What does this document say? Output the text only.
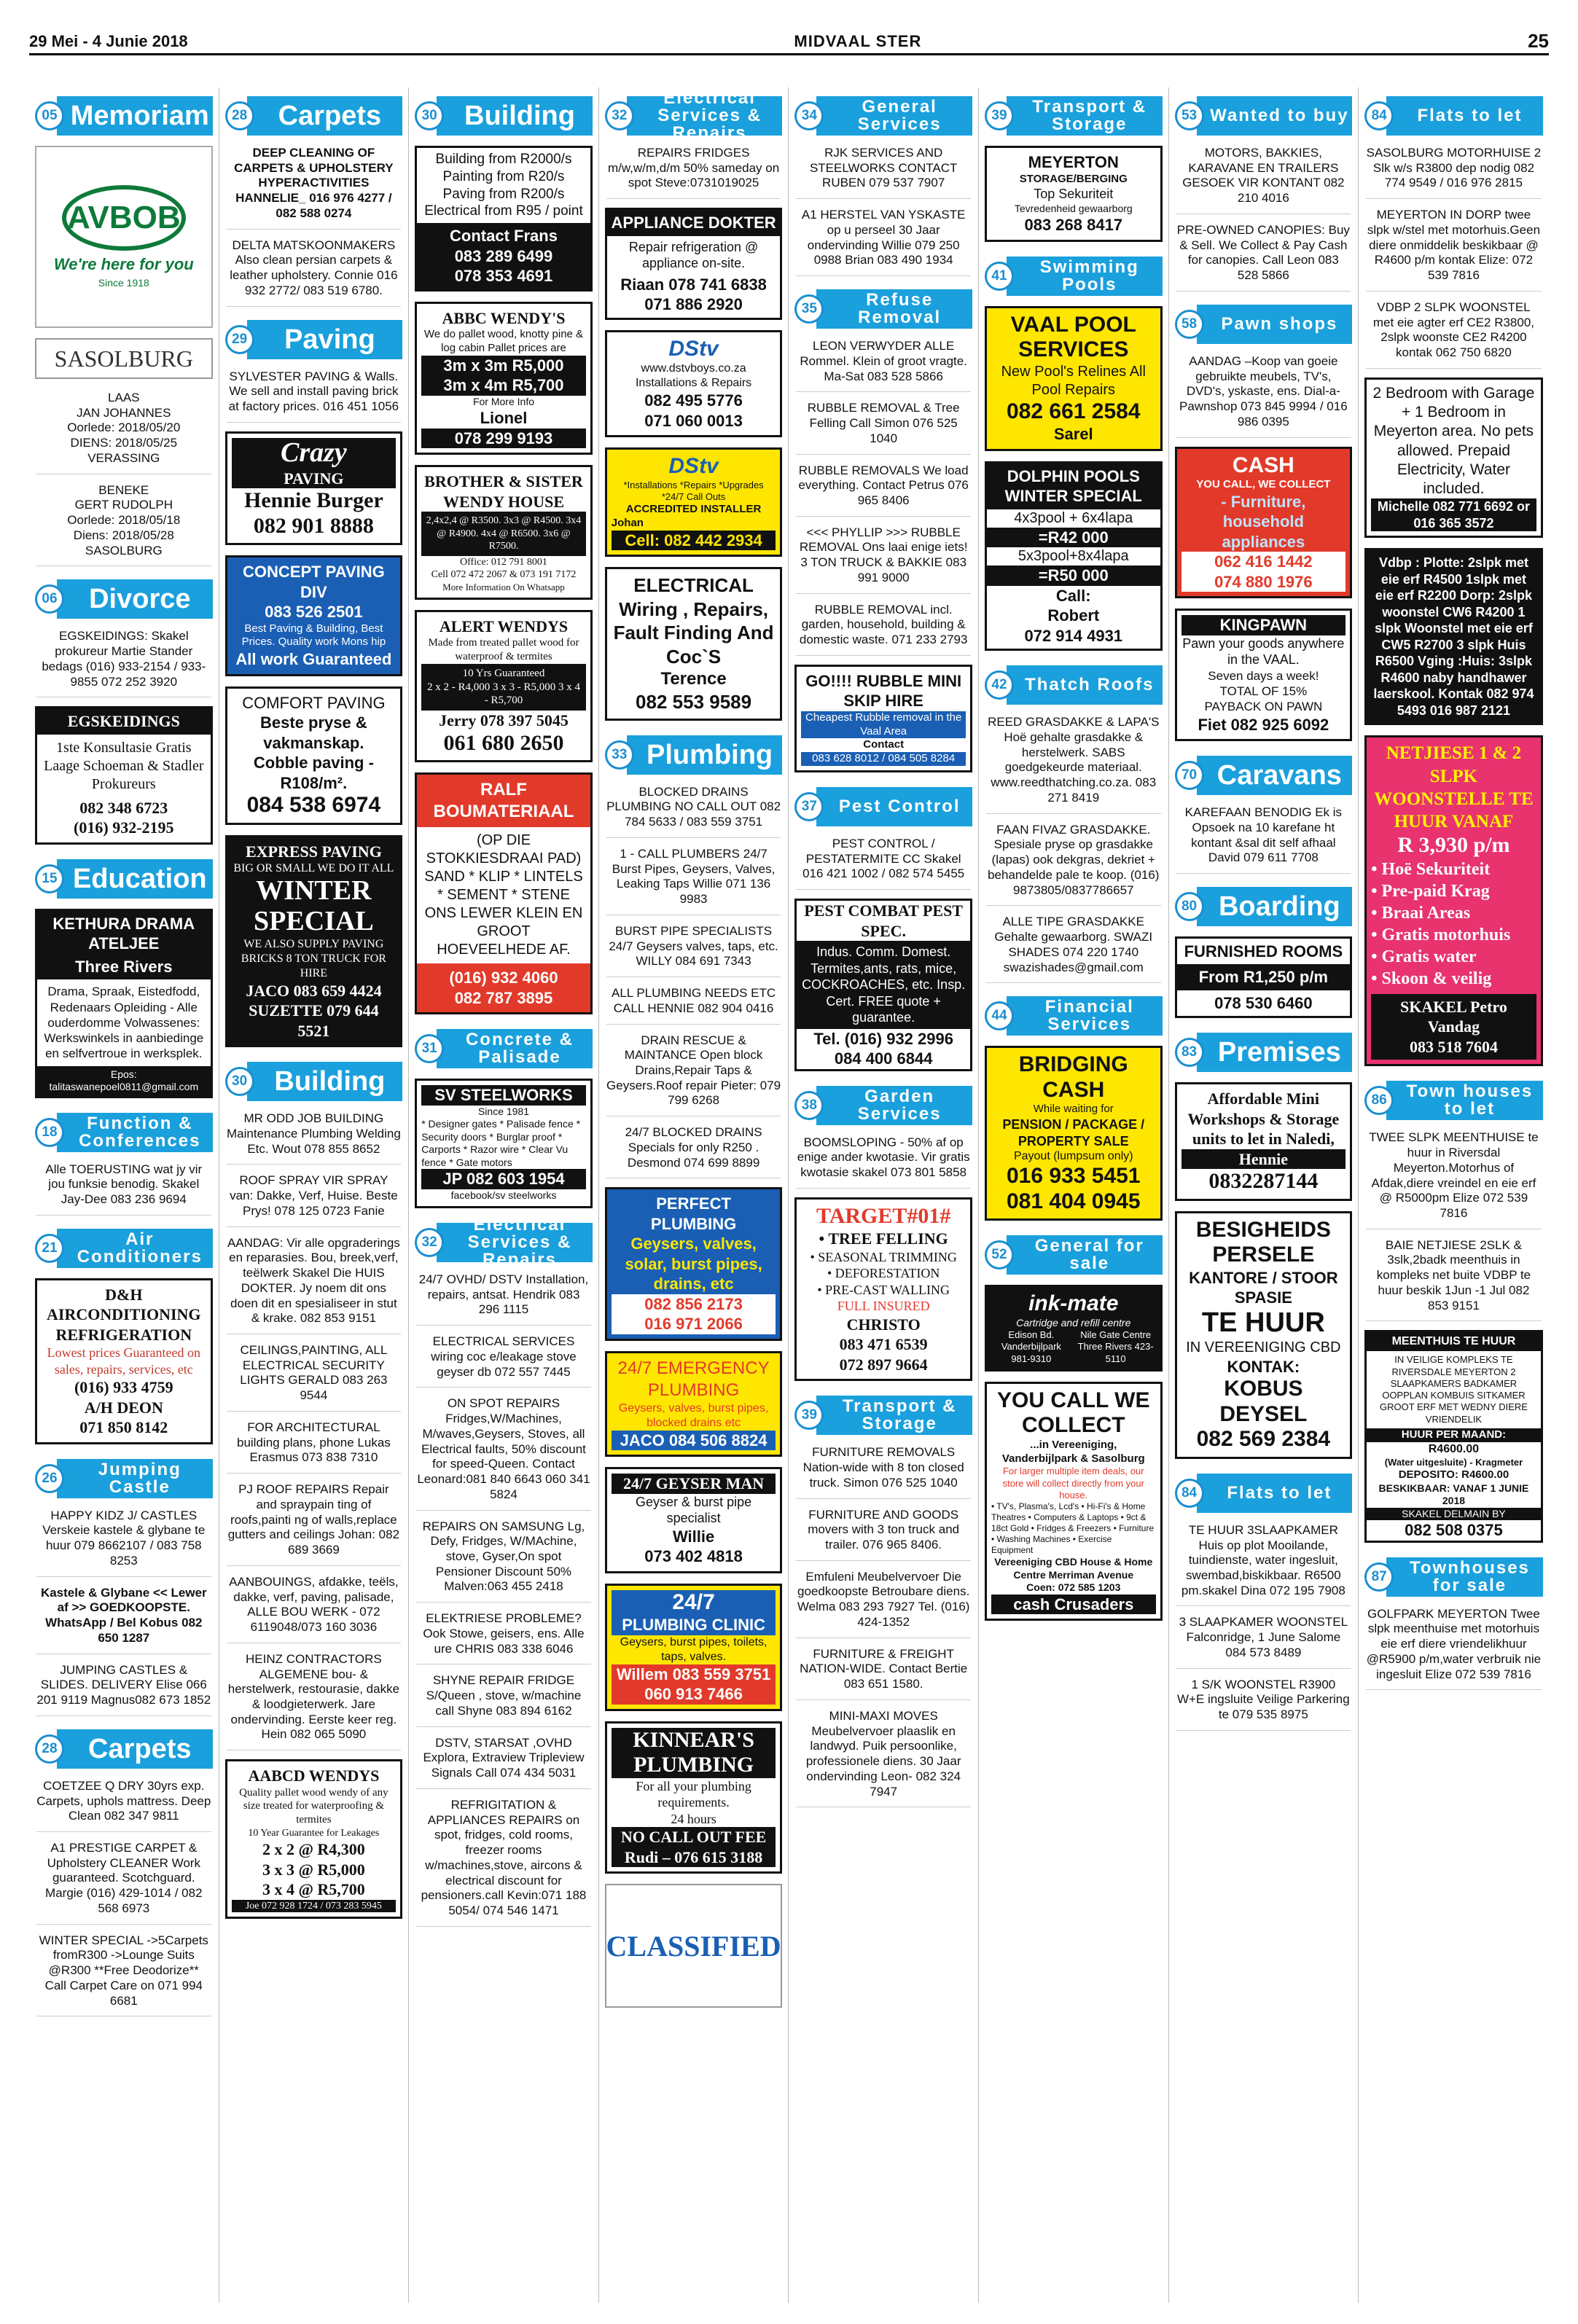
29 Mei - 4 Junie 2018	MIDVAAL STER	25
05 Memoriam
AVBOB
We're here for you
Since 1918
SASOLBURG
LAAS
JAN JOHANNES
Oorlede: 2018/05/20
DIENS: 2018/05/25
VERASSING
BENEKE
GERT RUDOLPH
Oorlede: 2018/05/18
Diens: 2018/05/28
SASOLBURG
06	Divorce
EGSKEIDINGS: Skakel prokureur Martie Stander bedags (016) 933-2154 / 933-9855 072 252 3920
EGSKEIDINGS
1ste Konsultasie Gratis Laage Schoeman & Stadler Prokureurs
082 348 6723
(016) 932-2195
15 Education
KETHURA DRAMA ATELJEE
Three Rivers
Drama, Spraak, Eistedfodd, Redenaars Opleiding - Alle ouderdomme Volwassenes: Werkswinkels in aanbiedinge en selfvertroue in werksplek.
Epos:
talitaswanepoel0811@gmail.com
18	Function & Conferences
Alle TOERUSTING wat jy vir jou funksie benodig. Skakel Jay-Dee 083 236 9694
21	Air Conditioners
D&H AIRCONDITIONING
REFRIGERATION
Lowest prices Guaranteed on sales, repairs, services, etc
(016) 933 4759
A/H DEON
071 850 8142
26	Jumping Castle
HAPPY KIDZ J/ CASTLES Verskeie kastele & glybane te huur 079 8662107 / 083 758 8253
Kastele & Glybane << Lewer af >> GOEDKOOPSTE. WhatsApp / Bel Kobus 082 650 1287
JUMPING CASTLES & SLIDES. DELIVERY Elise 066 201 9119 Magnus082 673 1852
28	Carpets
COETZEE Q DRY 30yrs exp. Carpets, uphols mattress. Deep Clean 082 347 9811
A1 PRESTIGE CARPET & Upholstery CLEANER Work guaranteed. Scotchguard. Margie (016) 429-1014 / 082 568 6973
WINTER SPECIAL ->5Carpets fromR300 ->Lounge Suits @R300 **Free Deodorize** Call Carpet Care on 071 994 6681
28	Carpets
DEEP CLEANING OF CARPETS & UPHOLSTERY HYPERACTIVITIES HANNELIE_ 016 976 4277 / 082 588 0274
DELTA MATSKOONMAKERS Also clean persian carpets & leather upholstery. Connie 016 932 2772/ 083 519 6780.
29	Paving
SYLVESTER PAVING & Walls. We sell and install paving brick at factory prices. 016 451 1056
Crazy
PAVING
Hennie Burger
082 901 8888
CONCEPT PAVING DIV
083 526 2501
Best Paving & Building, Best
Prices. Quality work Mons hip
All work Guaranteed
COMFORT PAVING
Beste pryse & vakmanskap.
Cobble paving - R108/m².
084 538 6974
EXPRESS PAVING
BIG OR SMALL WE DO IT ALL
WINTER SPECIAL
WE ALSO SUPPLY PAVING BRICKS 8 TON TRUCK FOR HIRE
JACO 083 659 4424
SUZETTE 079 644 5521
30 Building
MR ODD JOB BUILDING Maintenance Plumbing Welding Etc. Wout 078 855 8652
ROOF SPRAY VIR SPRAY van: Dakke, Verf, Huise. Beste Prys! 078 125 0723 Fanie
AANDAG: Vir alle opgraderings en reparasies. Bou, breek,verf, teëlwerk Skakel Die HUIS DOKTER. Jy noem dit ons doen dit en spesialiseer in stut & krake. 082 853 9151
CEILINGS,PAINTING, ALL ELECTRICAL SECURITY LIGHTS GERALD 083 263 9544
FOR ARCHITECTURAL building plans, phone Lukas Erasmus 073 838 7310
PJ ROOF REPAIRS Repair and spraypain ting of roofs,painti ng of walls,replace gutters and ceilings Johan: 082 689 3669
AANBOUINGS, afdakke, teëls, dakke, verf, paving, palisade, ALLE BOU WERK - 072 6119048/073 160 3036
HEINZ CONTRACTORS ALGEMENE bou- & herstelwerk, restourasie, dakke & loodgieterwerk. Jare ondervinding. Eerste keer reg. Hein 082 065 5090
AABCD WENDYS
Quality pallet wood wendy of any size treated for waterproofing & termites
10 Year Guarantee for Leakages
2 x 2 @ R4,300
3 x 3 @ R5,000
3 x 4 @ R5,700
Joe 072 928 1724 / 073 283 5945
30 Building
Building from R2000/s
Painting from R20/s
Paving from R200/s
Electrical from R95 / point
Contact Frans
083 289 6499
078 353 4691
ABBC WENDY'S
We do pallet wood, knotty pine & log cabin Pallet prices are
3m x 3m R5,000
3m x 4m R5,700
For More Info
Lionel
078 299 9193
BROTHER & SISTER WENDY HOUSE
2,4x2,4 @ R3500. 3x3 @ R4500. 3x4 @ R4900. 4x4 @ R6500. 3x6 @ R7500.
Office: 012 791 8001
Cell 072 472 2067 & 073 191 7172
More Information On Whatsapp
ALERT WENDYS
Made from treated pallet wood for waterproof & termites
10 Yrs Guaranteed
2 x 2 - R4,000 3 x 3 - R5,000 3 x 4 - R5,700
Jerry 078 397 5045
061 680 2650
RALF BOUMATERIAAL
(OP DIE STOKKIESDRAAI PAD) SAND * KLIP * LINTELS * SEMENT * STENE ONS LEWER KLEIN EN GROOT HOEVEELHEDE AF.
(016) 932 4060
082 787 3895
31	Concrete & Palisade
SV STEELWORKS
Since 1981
* Designer gates * Palisade fence * Security doors * Burglar proof * Carports * Razor wire * Clear Vu fence * Gate motors
JP 082 603 1954
facebook/sv steelworks
32
Electrical Services & Repairs
24/7 OVHD/ DSTV Installation, repairs, antsat. Hendrik 083 296 1115
ELECTRICAL SERVICES wiring coc e/leakage stove geyser db 072 557 7445
ON SPOT REPAIRS Fridges,W/Machines, M/waves,Geysers, Stoves, all Electrical faults, 50% discount for speed-Queen. Contact Leonard:081 840 6643 060 341 5824
REPAIRS ON SAMSUNG Lg, Defy, Fridges, W/MAchine, stove, Gyser,On spot Pensioner Discount 50% Malven:063 455 2418
ELEKTRIESE PROBLEME? Ook Stowe, geisers, ens. Alle ure CHRIS 083 338 6046
SHYNE REPAIR FRIDGE S/Queen , stove, w/machine call Shyne 083 894 6162
DSTV, STARSAT ,OVHD Explora, Extraview Tripleview Signals Call 074 434 5031
REFRIGITATION & APPLIANCES REPAIRS on spot, fridges, cold rooms, freezer rooms w/machines,stove, aircons & electrical discount for pensioners.call Kevin:071 188 5054/ 074 546 1471
32
Electrical Services & Repairs
REPAIRS FRIDGES m/w,w/m,d/m 50% sameday on spot Steve:0731019025
APPLIANCE DOKTER
Repair refrigeration @ appliance on-site.
Riaan 078 741 6838
071 886 2920
DStv
www.dstvboys.co.za
Installations & Repairs
082 495 5776
071 060 0013
DStv
*Installations *Repairs *Upgrades *24/7 Call Outs
ACCREDITED INSTALLER
Johan
Cell: 082 442 2934
ELECTRICAL Wiring , Repairs, Fault Finding And Coc`S
Terence
082 553 9589
33 Plumbing
BLOCKED DRAINS PLUMBING NO CALL OUT 082 784 5633 / 083 559 3751
1 - CALL PLUMBERS 24/7 Burst Pipes, Geysers, Valves, Leaking Taps Willie 071 136 9983
BURST PIPE SPECIALISTS 24/7 Geysers valves, taps, etc. WILLY 084 691 7343
ALL PLUMBING NEEDS ETC CALL HENNIE 082 904 0416
DRAIN RESCUE & MAINTANCE Open block Drains,Repair Taps & Geysers.Roof repair Pieter: 079 799 6268
24/7 BLOCKED DRAINS Specials for only R250 . Desmond 074 699 8899
PERFECT PLUMBING
Geysers, valves, solar, burst pipes, drains, etc
082 856 2173
016 971 2066
24/7 EMERGENCY PLUMBING
Geysers, valves, burst pipes, blocked drains etc
JACO 084 506 8824
24/7 GEYSER MAN
Geyser & burst pipe specialist
Willie
073 402 4818
24/7
PLUMBING CLINIC
Geysers, burst pipes, toilets, taps, valves.
Willem 083 559 3751 060 913 7466
KINNEAR'S PLUMBING
For all your plumbing requirements.
24 hours
NO CALL OUT FEE
Rudi – 076 615 3188
CLASSIFIED
34	General Services
RJK SERVICES AND STEELWORKS CONTACT RUBEN 079 537 7907
A1 HERSTEL VAN YSKASTE op u perseel 30 Jaar ondervinding Willie 079 250 0988 Brian 083 490 1934
35	Refuse Removal
LEON VERWYDER ALLE Rommel. Klein of groot vragte. Ma-Sat 083 528 5866
RUBBLE REMOVAL & Tree Felling Call Simon 076 525 1040
RUBBLE REMOVALS We load everything. Contact Petrus 076 965 8406
<<< PHYLLIP >>> RUBBLE REMOVAL Ons laai enige iets! 3 TON TRUCK & BAKKIE 083 991 9000
RUBBLE REMOVAL incl. garden, household, building & domestic waste. 071 233 2793
GO!!!! RUBBLE MINI SKIP HIRE
Cheapest Rubble removal in the Vaal Area
Contact
083 628 8012 / 084 505 8284
37	Pest Control
PEST CONTROL / PESTATERMITE CC Skakel 016 421 1002 / 082 574 5455
PEST COMBAT PEST SPEC.
Indus. Comm. Domest. Termites,ants, rats, mice, COCKROACHES, etc. Insp. Cert. FREE quote + guarantee.
Tel. (016) 932 2996
084 400 6844
38	Garden Services
BOOMSLOPING - 50% af op enige ander kwotasie. Vir gratis kwotasie skakel 073 801 5858
TARGET#01#
• TREE FELLING
• SEASONAL TRIMMING
• DEFORESTATION
• PRE-CAST WALLING
FULL INSURED
CHRISTO
083 471 6539
072 897 9664
39	Transport & Storage
FURNITURE REMOVALS Nation-wide with 8 ton closed truck. Simon 076 525 1040
FURNITURE AND GOODS movers with 3 ton truck and trailer. 076 965 8406.
Emfuleni Meubelvervoer Die goedkoopste Betroubare diens. Welma 083 293 7927 Tel. (016) 424-1352
FURNITURE & FREIGHT NATION-WIDE. Contact Bertie 083 651 1580.
MINI-MAXI MOVES Meubelvervoer plaaslik en landwyd. Puik persoonlike, professionele diens. 30 Jaar ondervinding Leon- 082 324 7947
39	Transport & Storage
MEYERTON
STORAGE/BERGING
Top Sekuriteit
Tevredenheid gewaarborg
083 268 8417
41	Swimming Pools
VAAL POOL SERVICES
New Pool's Relines All Pool Repairs
082 661 2584
Sarel
DOLPHIN POOLS WINTER SPECIAL
4x3pool + 6x4lapa
=R42 000
5x3pool+8x4lapa
=R50 000
Call:
Robert
072 914 4931
42	Thatch Roofs
REED GRASDAKKE & LAPA'S Hoë gehalte grasdakke & herstelwerk. SABS goedgekeurde materiaal. www.reedthatching.co.za. 083 271 8419
FAAN FIVAZ GRASDAKKE. Spesiale pryse op grasdakke (lapas) ook dekgras, dekriet + behandelde pale te koop. (016) 9873805/0837786657
ALLE TIPE GRASDAKKE Gehalte gewaarborg. SWAZI SHADES 074 220 1740 swazishades@gmail.com
44	Financial Services
BRIDGING CASH
While waiting for
PENSION / PACKAGE / PROPERTY SALE
Payout (lumpsum only)
016 933 5451
081 404 0945
52	General for sale
ink-mate
Cartridge and refill centre
Edison Bd. Vanderbijlpark 981-9310
Nile Gate Centre Three Rivers 423-5110
YOU CALL WE COLLECT
...in Vereeniging, Vanderbijlpark & Sasolburg
For larger multiple item deals, our store will collect directly from your house.
• TV's, Plasma's, Lcd's • Hi-Fi's & Home Theatres • Computers & Laptops • 9ct & 18ct Gold • Fridges & Freezers • Furniture • Washing Machines • Exercise Equipment
Vereeniging CBD House & Home Centre Merriman Avenue
Coen: 072 585 1203
cash Crusaders
53 Wanted to buy
MOTORS, BAKKIES, KARAVANE EN TRAILERS GESOEK VIR KONTANT 082 210 4016
PRE-OWNED CANOPIES: Buy & Sell. We Collect & Pay Cash for canopies. Call Leon 083 528 5866
58	Pawn shops
AANDAG –Koop van goeie gebruikte meubels, TV's, DVD's, yskaste, ens. Dial-a-Pawnshop 073 845 9994 / 016 986 0395
CASH
YOU CALL, WE COLLECT
- Furniture, household appliances
062 416 1442
074 880 1976
KINGPAWN
Pawn your goods anywhere in the VAAL.
Seven days a week!
TOTAL OF 15%
PAYBACK ON PAWN
Fiet 082 925 6092
70 Caravans
KAREFAAN BENODIG Ek is Opsoek na 10 karefane ht kontant &sal dit self afhaal David 079 611 7708
80 Boarding
FURNISHED ROOMS
From R1,250 p/m
078 530 6460
83 Premises
Affordable Mini Workshops & Storage units to let in Naledi,
Hennie
0832287144
BESIGHEIDS PERSELE
KANTORE / STOOR SPASIE
TE HUUR
IN VEREENIGING CBD
KONTAK:
KOBUS DEYSEL
082 569 2384
84	Flats to let
TE HUUR 3SLAAPKAMER Huis op plot Mooilande, tuindienste, water ingesluit, swembad,biskikbaar. R6500 pm.skakel Dina 072 195 7908
3 SLAAPKAMER WOONSTEL Falconridge, 1 June Salome 084 573 8489
1 S/K WOONSTEL R3900 W+E ingsluite Veilige Parkering te 079 535 8975
84	Flats to let
SASOLBURG MOTORHUISE 2 Slk w/s R3800 dep nodig 082 774 9549 / 016 976 2815
MEYERTON IN DORP twee slpk w/stel met motorhuis.Geen diere onmiddelik beskikbaar @ R4600 p/m kontak Elize: 072 539 7816
VDBP 2 SLPK WOONSTEL met eie agter erf CE2 R3800, 2slpk woonste CE2 R4200 kontak 062 750 6820
2 Bedroom with Garage + 1 Bedroom in Meyerton area. No pets allowed. Prepaid Electricity, Water included.
Michelle 082 771 6692 or 016 365 3572
Vdbp : Plotte: 2slpk met eie erf R4500 1slpk met eie erf R2200 Dorp: 2slpk woonstel CW6 R4200 1 slpk Woonstel met eie erf CW5 R2700 3 slpk Huis R6500 Vging :Huis: 3slpk R4600 naby handhawer laerskool. Kontak 082 974 5493 016 987 2121
NETJIESE 1 & 2 SLPK WOONSTELLE TE HUUR VANAF
R 3,930 p/m
• Hoë Sekuriteit
• Pre-paid Krag
• Braai Areas
• Gratis motorhuis
• Gratis water
• Skoon & veilig
SKAKEL Petro Vandag
083 518 7604
86	Town houses to let
TWEE SLPK MEENTHUISE te huur in Riversdal Meyerton.Motorhus of Afdak,diere vreindel en eie erf @ R5000pm Elize 072 539 7816
BAIE NETJIESE 2SLK & 3slk,2badk meenthuis in kompleks net buite VDBP te huur beskik 1Jun -1 Jul 082 853 9151
MEENTHUIS TE HUUR
IN VEILIGE KOMPLEKS TE RIVERSDALE MEYERTON 2 SLAAPKAMERS BADKAMER OOPPLAN KOMBUIS SITKAMER GROOT ERF MET WEDNY DIERE VRIENDELIK
HUUR PER MAAND:
R4600.00
(Water uitgesluite) - Kragmeter
DEPOSITO: R4600.00
BESKIKBAAR: VANAF 1 JUNIE 2018
SKAKEL DELMAIN BY
082 508 0375
87	Townhouses for sale
GOLFPARK MEYERTON Twee slpk meenthuise met motorhuis eie erf diere vriendelikhuur @R5900 p/m,water verbruik nie ingesluit Elize 072 539 7816
